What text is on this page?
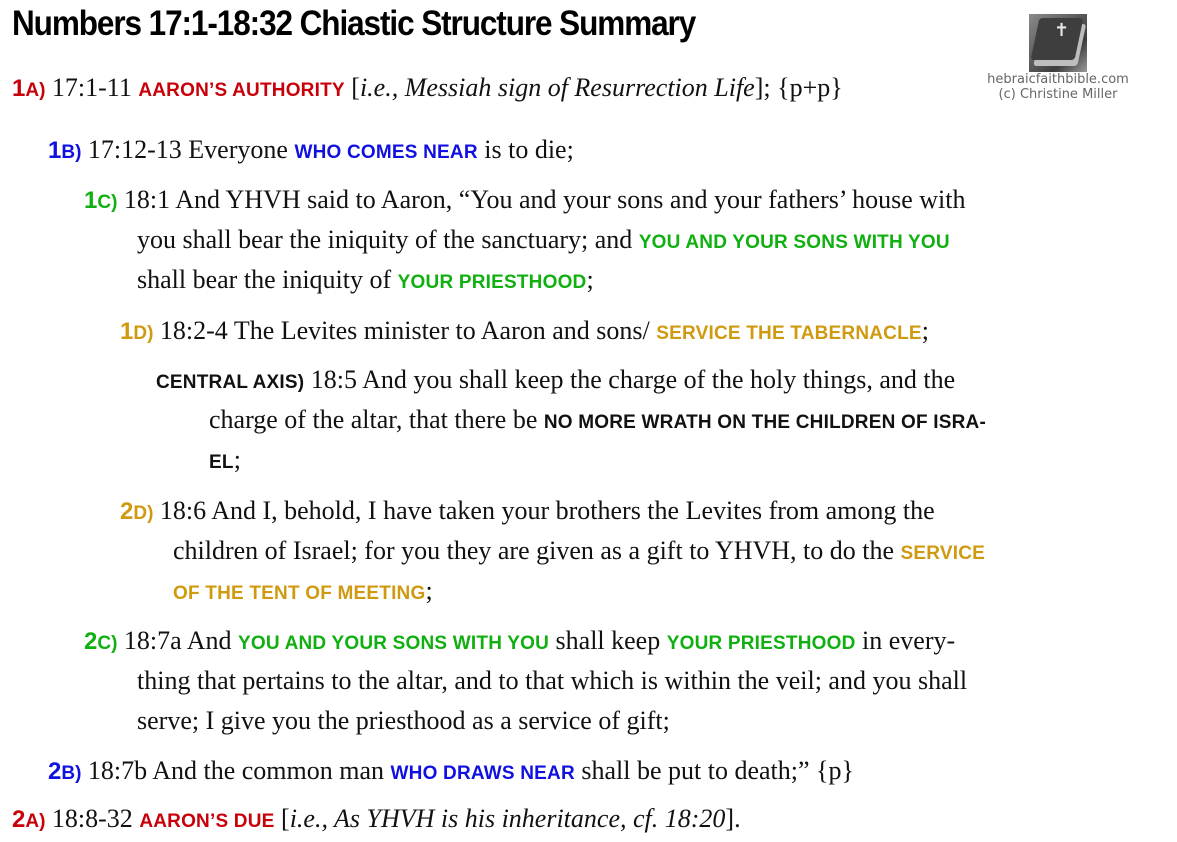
Numbers 17:1-18:32 Chiastic Structure Summary	✝
hebraicfaithbible.com
(c) Christine Miller
1A) 17:1-11 AARON’S AUTHORITY [i.e., Messiah sign of Resurrection Life]; {p+p}
1B) 17:12-13 Everyone WHO COMES NEAR is to die;
1C) 18:1 And YHVH said to Aaron, “You and your sons and your fathers’ house with
you shall bear the iniquity of the sanctuary; and YOU AND YOUR SONS WITH YOU
shall bear the iniquity of YOUR PRIESTHOOD;
1D) 18:2-4 The Levites minister to Aaron and sons/ SERVICE THE TABERNACLE;
CENTRAL AXIS) 18:5 And you shall keep the charge of the holy things, and the
charge of the altar, that there be NO MORE WRATH ON THE CHILDREN OF ISRA-
EL;
2D) 18:6 And I, behold, I have taken your brothers the Levites from among the
children of Israel; for you they are given as a gift to YHVH, to do the SERVICE
OF THE TENT OF MEETING;
2C) 18:7a And YOU AND YOUR SONS WITH YOU shall keep YOUR PRIESTHOOD in every-
thing that pertains to the altar, and to that which is within the veil; and you shall
serve; I give you the priesthood as a service of gift;
2B) 18:7b And the common man WHO DRAWS NEAR shall be put to death;” {p}
2A) 18:8-32 AARON’S DUE [i.e., As YHVH is his inheritance, cf. 18:20].
